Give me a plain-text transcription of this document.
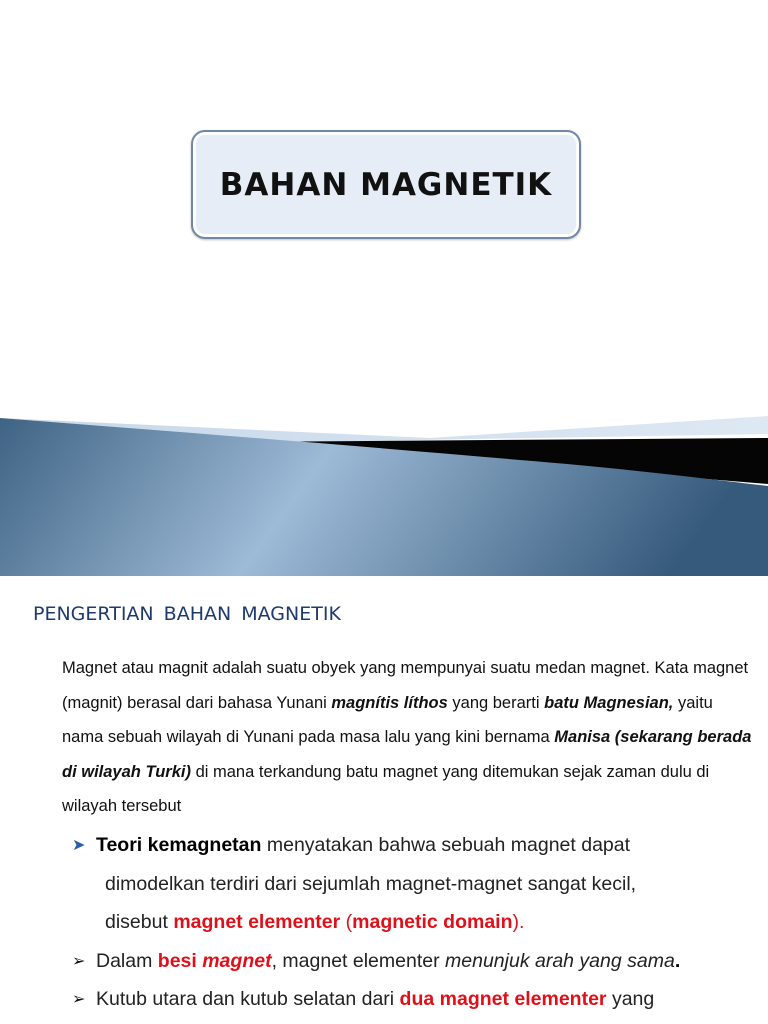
BAHAN MAGNETIK
PENGERTIAN BAHAN MAGNETIK

Magnet atau magnit adalah suatu obyek yang mempunyai suatu medan magnet. Kata magnet (magnit) berasal dari bahasa Yunani magnítis líthos yang berarti batu Magnesian, yaitu nama sebuah wilayah di Yunani pada masa lalu yang kini bernama Manisa (sekarang berada di wilayah Turki) di mana terkandung batu magnet yang ditemukan sejak zaman dulu di wilayah tersebut

➤ Teori kemagnetan menyatakan bahwa sebuah magnet dapat
dimodelkan terdiri dari sejumlah magnet-magnet sangat kecil,
disebut magnet elementer (magnetic domain).
➢ Dalam besi magnet, magnet elementer menunjuk arah yang sama.
➢ Kutub utara dan kutub selatan dari dua magnet elementer yang
